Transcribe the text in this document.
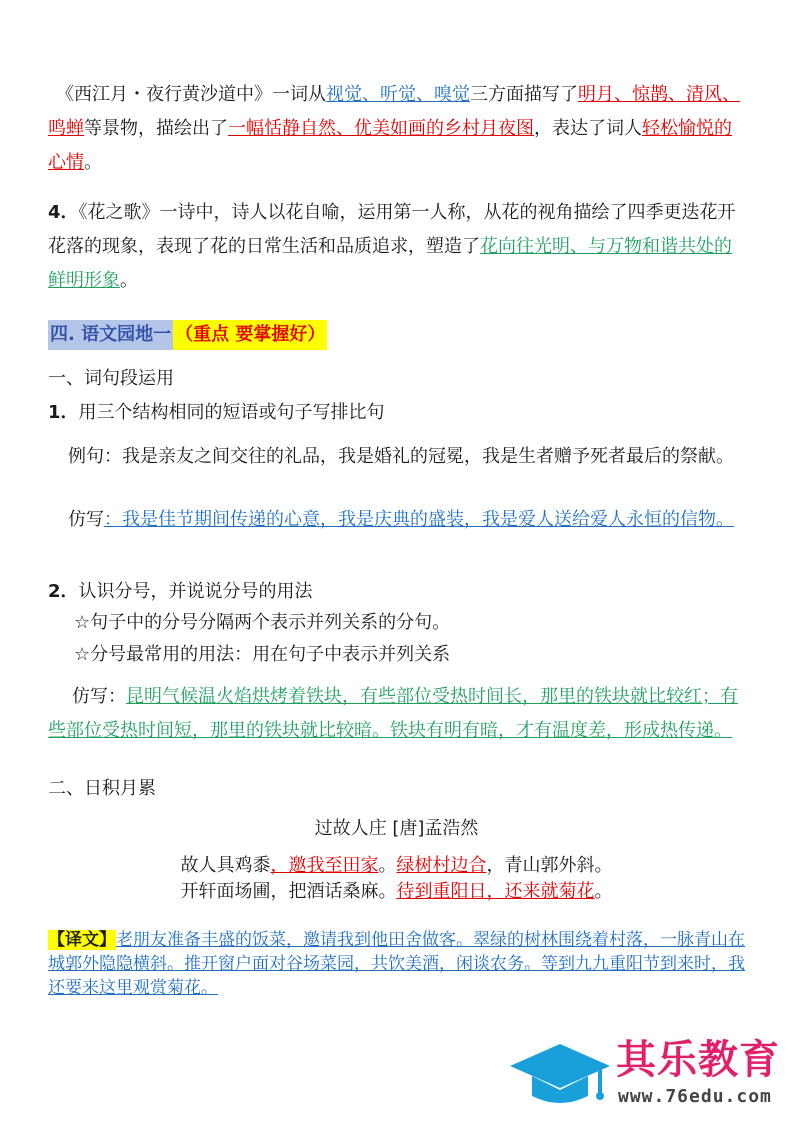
《西江月・夜行黄沙道中》一词从视觉、听觉、嗅觉三方面描写了明月、惊鹊、清风、鸣蝉等景物，描绘出了一幅恬静自然、优美如画的乡村月夜图，表达了词人轻松愉悦的心情。
4．《花之歌》一诗中，诗人以花自喻，运用第一人称，从花的视角描绘了四季更迭花开花落的现象，表现了花的日常生活和品质追求，塑造了花向往光明、与万物和谐共处的鲜明形象。
四. 语文园地一 （重点 要掌握好）
一、词句段运用
1．用三个结构相同的短语或句子写排比句
例句：我是亲友之间交往的礼品，我是婚礼的冠冕，我是生者赠予死者最后的祭献。
仿写：我是佳节期间传递的心意，我是庆典的盛装，我是爱人送给爱人永恒的信物。
2．认识分号，并说说分号的用法
☆句子中的分号分隔两个表示并列关系的分句。
☆分号最常用的用法：用在句子中表示并列关系
仿写：昆明气候温火焰烘烤着铁块，有些部位受热时间长，那里的铁块就比较红；有些部位受热时间短，那里的铁块就比较暗。铁块有明有暗，才有温度差，形成热传递。
二、日积月累
过故人庄 [唐]孟浩然
故人具鸡黍，邀我至田家。绿树村边合，青山郭外斜。
开轩面场圃，把酒话桑麻。待到重阳日，还来就菊花。
【译文】老朋友准备丰盛的饭菜，邀请我到他田舍做客。翠绿的树林围绕着村落，一脉青山在城郭外隐隐横斜。推开窗户面对谷场菜园，共饮美酒，闲谈农务。等到九九重阳节到来时，我还要来这里观赏菊花。
其乐教育
www.76edu.com
